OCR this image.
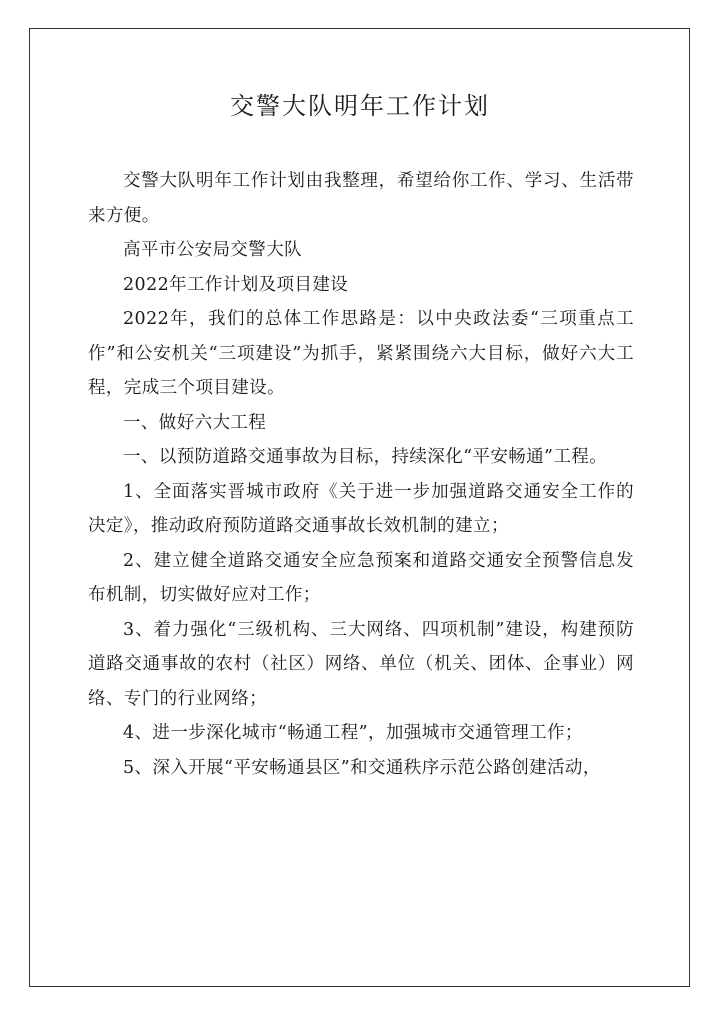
交警大队明年工作计划

交警大队明年工作计划由我整理，希望给你工作、学习、生活带来方便。

高平市公安局交警大队

2022年工作计划及项目建设

2022年，我们的总体工作思路是：以中央政法委“三项重点工作”和公安机关“三项建设”为抓手，紧紧围绕六大目标，做好六大工程，完成三个项目建设。

一、做好六大工程

一、以预防道路交通事故为目标，持续深化“平安畅通”工程。

1、全面落实晋城市政府《关于进一步加强道路交通安全工作的决定》，推动政府预防道路交通事故长效机制的建立；

2、建立健全道路交通安全应急预案和道路交通安全预警信息发布机制，切实做好应对工作；

3、着力强化“三级机构、三大网络、四项机制”建设，构建预防道路交通事故的农村（社区）网络、单位（机关、团体、企事业）网络、专门的行业网络；

4、进一步深化城市“畅通工程”，加强城市交通管理工作；

5、深入开展“平安畅通县区”和交通秩序示范公路创建活动，
